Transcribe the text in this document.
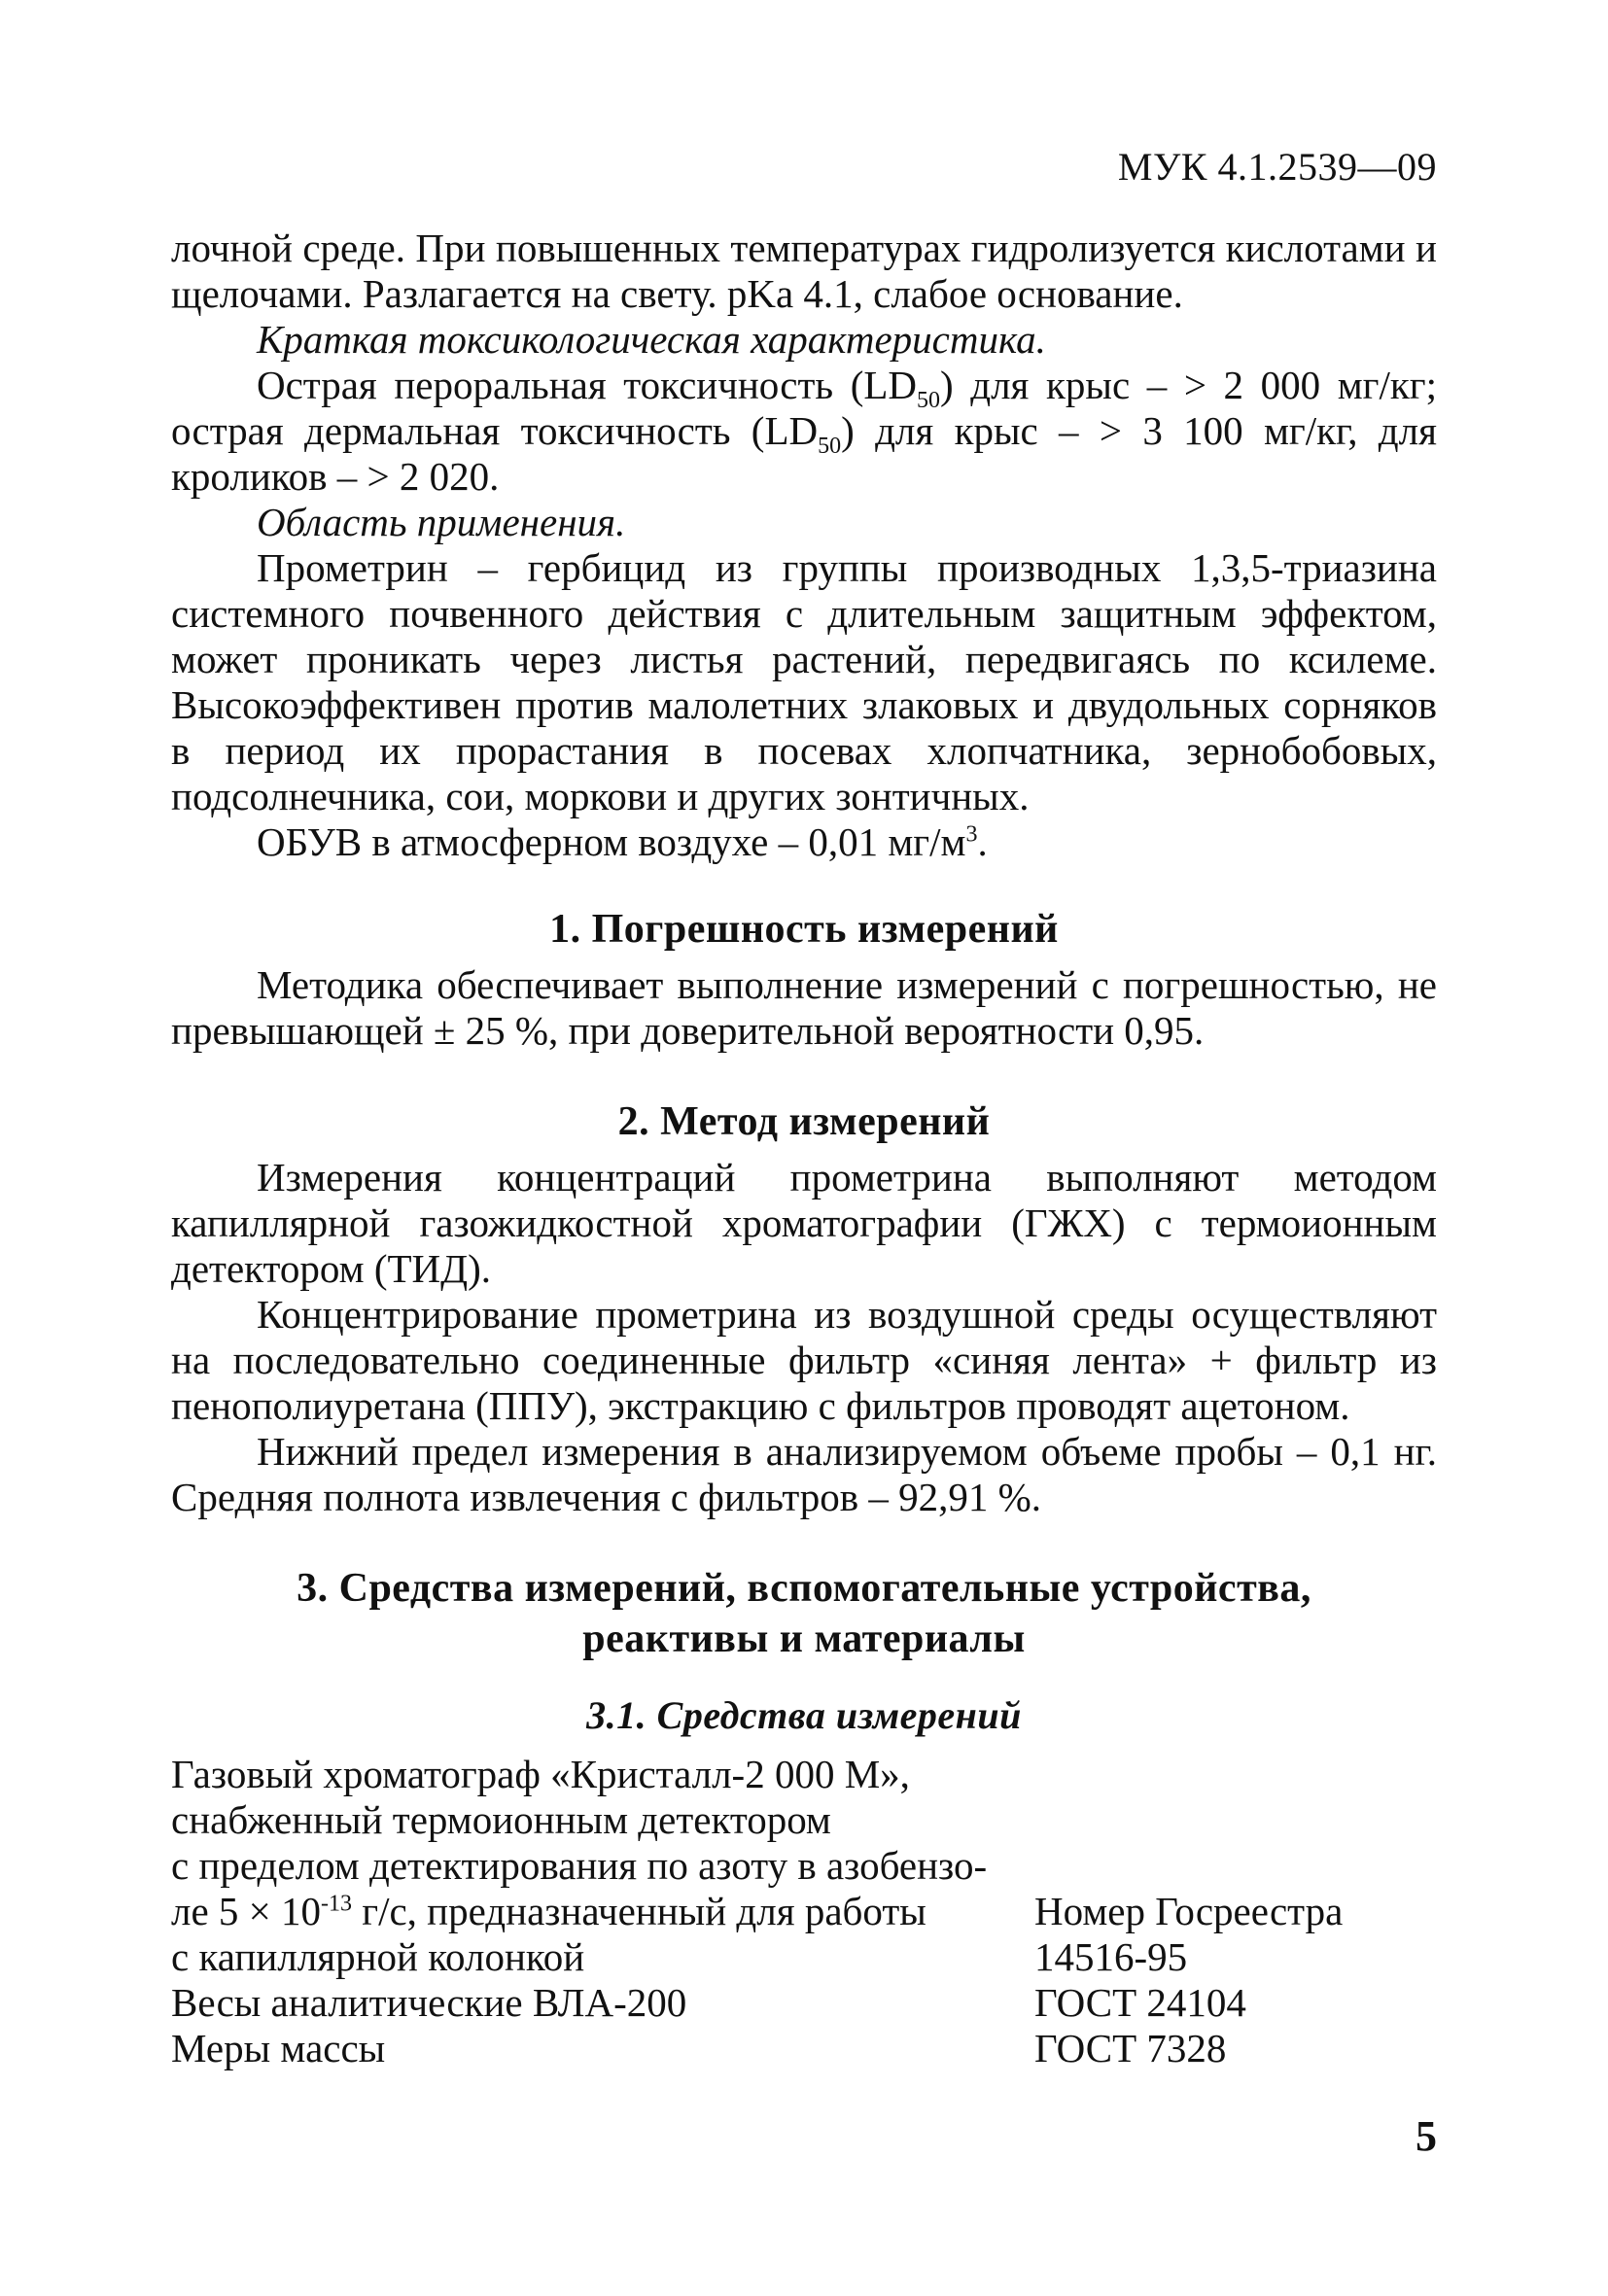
МУК 4.1.2539—09

лочной среде. При повышенных температурах гидролизуется кислотами и щелочами. Разлагается на свету. pKa 4.1, слабое основание.

Краткая токсикологическая характеристика.

Острая пероральная токсичность $(LD_{50})$ для крыс – > 2 000 мг/кг; острая дермальная токсичность $(LD_{50})$ для крыс – > 3 100 мг/кг, для кроликов – > 2 020.

Область применения.

Прометрин – гербицид из группы производных 1,3,5-триазина системного почвенного действия с длительным защитным эффектом, может проникать через листья растений, передвигаясь по ксилеме. Высокоэффективен против малолетних злаковых и двудольных сорняков в период их прорастания в посевах хлопчатника, зернобобовых, подсолнечника, сои, моркови и других зонтичных.

ОБУВ в атмосферном воздухе – 0,01 $мг/м^3$.

1. Погрешность измерений

Методика обеспечивает выполнение измерений с погрешностью, не превышающей ± 25 %, при доверительной вероятности 0,95.

2. Метод измерений

Измерения концентраций прометрина выполняют методом капиллярной газожидкостной хроматографии (ГЖХ) с термоионным детектором (ТИД).

Концентрирование прометрина из воздушной среды осуществляют на последовательно соединенные фильтр «синяя лента» + фильтр из пенополиуретана (ППУ), экстракцию с фильтров проводят ацетоном.

Нижний предел измерения в анализируемом объеме пробы – 0,1 нг. Средняя полнота извлечения с фильтров – 92,91 %.

3. Средства измерений, вспомогательные устройства,
реактивы и материалы
3.1. Средства измерений
Газовый хроматограф «Кристалл-2 000 М»,
снабженный термоионным детектором
с пределом детектирования по азоту в азобензо-
ле $5 \times 10^{-13}$ г/с, предназначенный для работы	Номер Госреестра
с капиллярной колонкой	14516-95
Весы аналитические ВЛА-200	ГОСТ 24104
Меры массы	ГОСТ 7328
5
